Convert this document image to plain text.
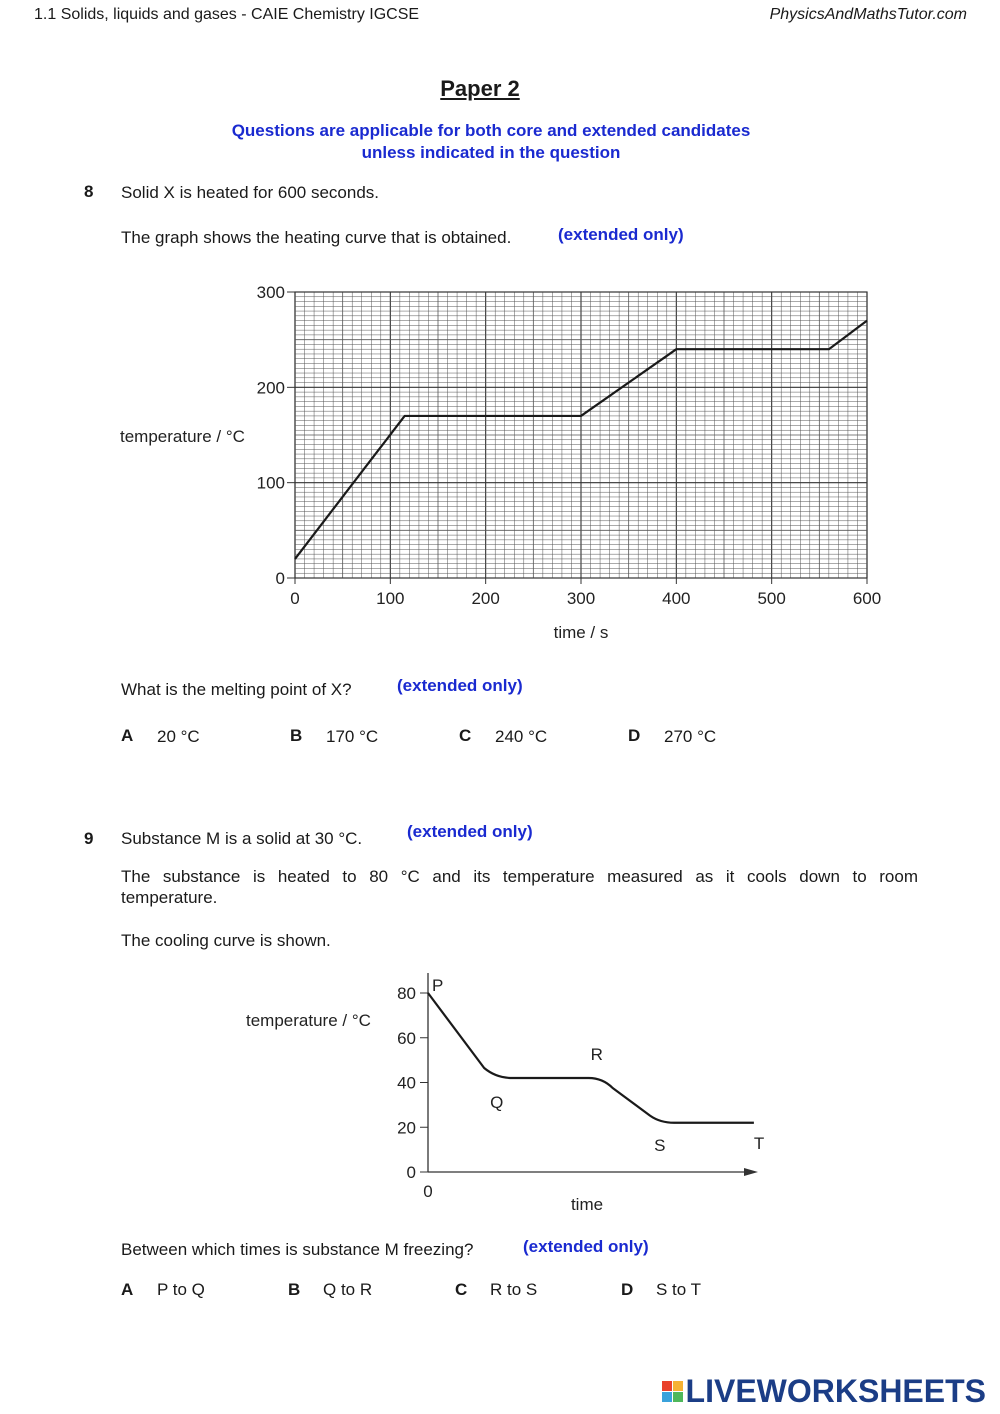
1.1 Solids, liquids and gases - CAIE Chemistry IGCSE	PhysicsAndMathsTutor.com
Paper 2
Questions are applicable for both core and extended candidates
unless indicated in the question
8 Solid X is heated for 600 seconds.
The graph shows the heating curve that is obtained.	(extended only)
0	100	200	300	400	500	600
0
100
200
300
temperature / °C
time / s
What is the melting point of X?	(extended only)
A 20 °C	B 170 °C	C 240 °C	D 270 °C
9 Substance M is a solid at 30 °C.	(extended only)
The substance is heated to 80 °C and its temperature measured as it cools down to room
temperature.
The cooling curve is shown.
0
20
40
60
80
0
P
Q
R
S	T
temperature / °C
time
Between which times is substance M freezing?	(extended only)
A P to Q	B Q to R	C R to S	D S to T
LIVEWORKSHEETS
